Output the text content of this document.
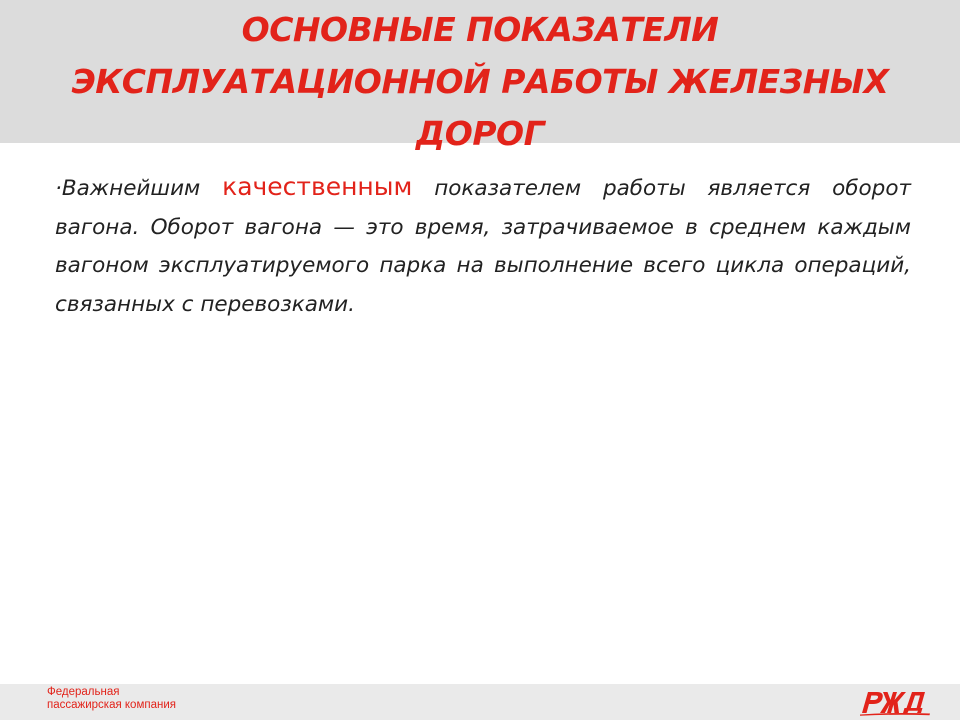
ОСНОВНЫЕ ПОКАЗАТЕЛИ ЭКСПЛУАТАЦИОННОЙ РАБОТЫ ЖЕЛЕЗНЫХ ДОРОГ

·Важнейшим качественным показателем работы является оборот вагона. Оборот вагона — это время, затрачиваемое в среднем каждым вагоном эксплуатируемого парка на выполнение всего цикла операций, связанных с перевозками.

Федеральная
пассажирская компания
